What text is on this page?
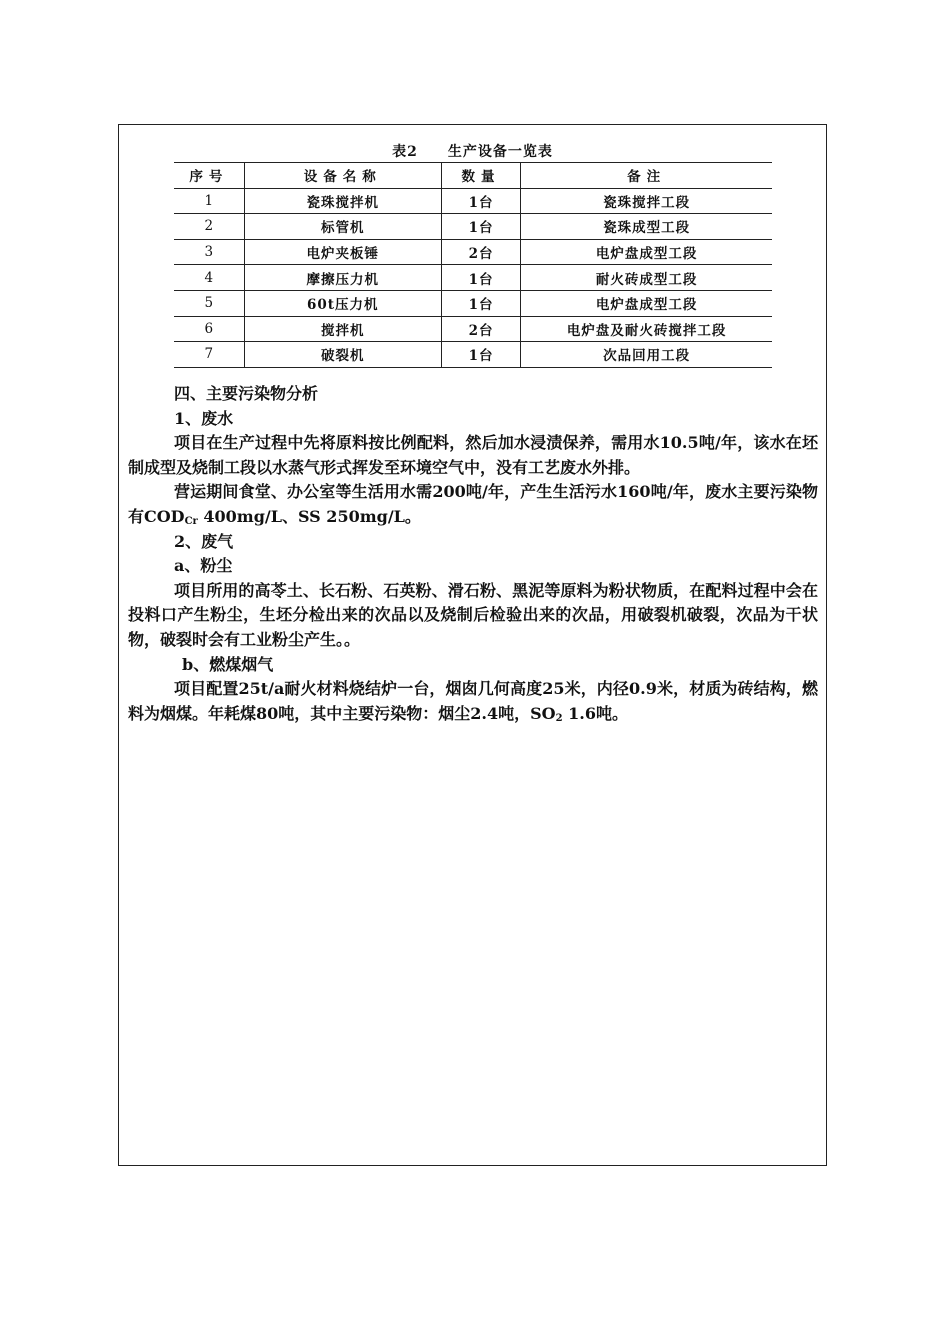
表2 生产设备一览表
序号	设备名称	数量	备注
1	瓷珠搅拌机	1台	瓷珠搅拌工段
2	标管机	1台	瓷珠成型工段
3	电炉夹板锤	2台	电炉盘成型工段
4	摩擦压力机	1台	耐火砖成型工段
5	60t压力机	1台	电炉盘成型工段
6	搅拌机	2台	电炉盘及耐火砖搅拌工段
7	破裂机	1台	次品回用工段

四、主要污染物分析

1、废水

项目在生产过程中先将原料按比例配料，然后加水浸渍保养，需用水10.5吨/年，该水在坯制成型及烧制工段以水蒸气形式挥发至环境空气中，没有工艺废水外排。

营运期间食堂、办公室等生活用水需200吨/年，产生生活污水160吨/年，废水主要污染物有$COD_{Cr}$ 400mg/L、SS 250mg/L。

2、废气

a、粉尘

项目所用的高苓土、长石粉、石英粉、滑石粉、黑泥等原料为粉状物质，在配料过程中会在投料口产生粉尘，生坯分检出来的次品以及烧制后检验出来的次品，用破裂机破裂，次品为干状物，破裂时会有工业粉尘产生。。

b、燃煤烟气

项目配置25t/a耐火材料烧结炉一台，烟囱几何高度25米，内径0.9米，材质为砖结构，燃料为烟煤。年耗煤80吨，其中主要污染物：烟尘2.4吨，$SO_2$ 1.6吨。
